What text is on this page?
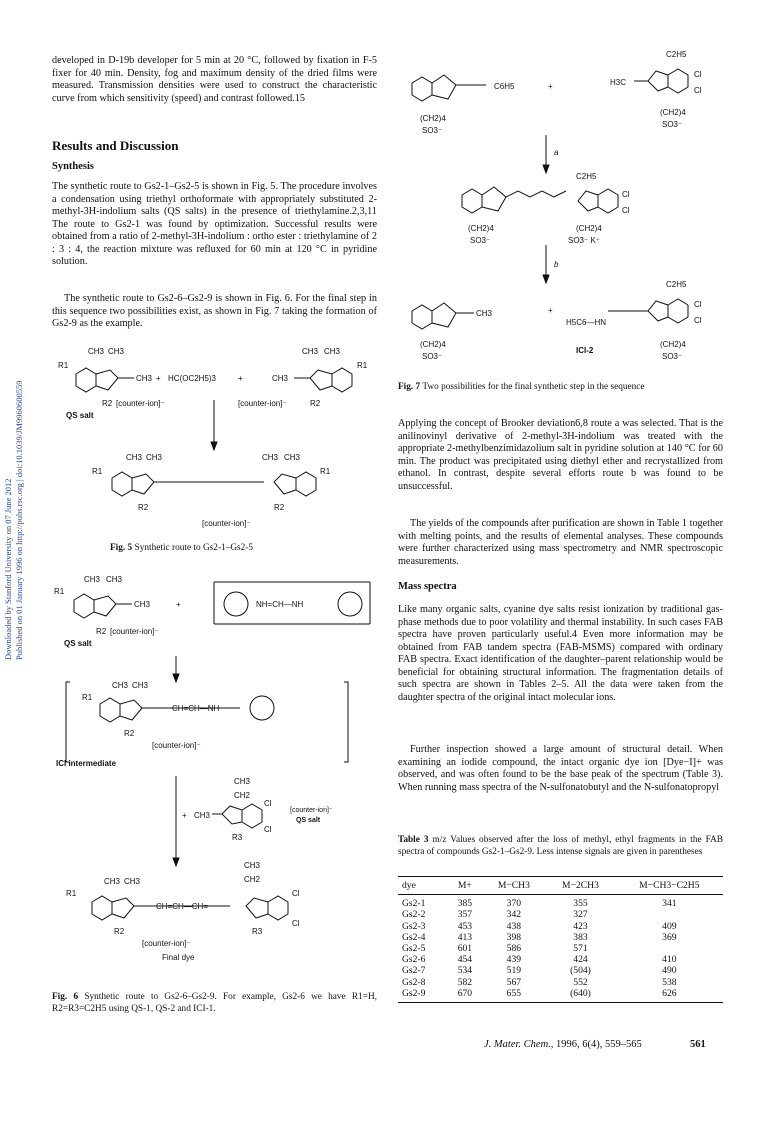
Downloaded by Stanford University on 07 June 2012 Published on 01 January 1996 on http://pubs.rsc.org | doi:10.1039/JM9960600559

developed in D-19b developer for 5 min at 20 °C, followed by fixation in F-5 fixer for 40 min. Density, fog and maximum density of the dried films were measured. Transmission densities were used to construct the characteristic curve from which sensitivity (speed) and contrast followed.15

Results and Discussion
Synthesis

The synthetic route to Gs2-1–Gs2-5 is shown in Fig. 5. The procedure involves a condensation using triethyl orthoformate with appropriately substituted 2-methyl-3H-indolium salts (QS salts) in the presence of triethylamine.2,3,11 The route to Gs2-1 was found by optimization. Successful results were obtained from a ratio of 2-methyl-3H-indolium : ortho ester : triethylamine of 2 : 3 : 4, the reaction mixture was refluxed for 60 min at 120 °C in pyridine solution.

The synthetic route to Gs2-6–Gs2-9 is shown in Fig. 6. For the final step in this sequence two possibilities exist, as shown in Fig. 7 taking the formation of Gs2-9 as the example.

CH3 CH3
R1
CH3 + HC(OC2H5)3	+	CH3
CH3 CH3
R1
R2 [counter-ion]⁻	[counter-ion]⁻	R2
QS salt
CH3 CH3	CH3 CH3
R1	R1
R2	R2
[counter-ion]⁻
Fig. 5 Synthetic route to Gs2-1–Gs2-5
CH3 CH3
R1
CH3	+	NH=CH—NH
R2 [counter-ion]⁻
QS salt
CH3 CH3
R1
CH=CH—NH
R2
[counter-ion]⁻
ICI intermediate
CH3
CH2
+ CH3
Cl
Cl
R3
[counter-ion]⁻
QS salt
CH3
CH2
CH3 CH3
R1
CH=CH—CH=
Cl
Cl
R2	R3
[counter-ion]⁻
Final dye
Fig. 6 Synthetic route to Gs2-6–Gs2-9. For example, Gs2-6 we have R1=H, R2=R3=C2H5 using QS-1, QS-2 and ICI-1.
C6H5	+	H3C
C2H5
Cl
Cl
(CH2)4
SO3⁻
(CH2)4
SO3⁻
a
C2H5
Cl
Cl
(CH2)4
SO3⁻
(CH2)4
SO3⁻ K⁺
b
CH3	+
H5C6—HN
C2H5
Cl
Cl
(CH2)4
SO3⁻
ICI-2
(CH2)4
SO3⁻
Fig. 7 Two possibilities for the final synthetic step in the sequence

Applying the concept of Brooker deviation6,8 route a was selected. That is the anilinovinyl derivative of 2-methyl-3H-indolium was treated with the appropriate 2-methylbenzimidazolium salt in pyridine solution at 140 °C for 60 min. The product was precipitated using diethyl ether and recrystallized from ethanol. In contrast, despite several efforts route b was found to be unsuccessful.

The yields of the compounds after purification are shown in Table 1 together with melting points, and the results of elemental analyses. These compounds were further characterized using mass spectrometry and NMR spectroscopic measurements.

Mass spectra

Like many organic salts, cyanine dye salts resist ionization by traditional gas-phase methods due to poor volatility and thermal instability. In such cases FAB spectra have proven particularly useful.4 Even more information may be obtained from FAB tandem spectra (FAB-MSMS) compared with ordinary FAB spectra. Exact identification of the daughter–parent relationship would be beneficial for obtaining structural information. The fragmentation details of such spectra are shown in Tables 2–5. All the data were taken from the daughter spectra of the original intact molecular ions.

Further inspection showed a large amount of structural detail. When examining an iodide compound, the intact organic dye ion [Dye−I]+ was observed, and was often found to be the base peak of the spectrum (Table 3). When running mass spectra of the N-sulfonatobutyl and the N-sulfonatopropyl

Table 3 m/z Values observed after the loss of methyl, ethyl fragments in the FAB spectra of compounds Gs2-1–Gs2-9. Less intense signals are given in parentheses
dye	M+	M−CH3	M−2CH3	M−CH3−C2H5
Gs2-1	385	370	355	341
Gs2-2	357	342	327	
Gs2-3	453	438	423	409
Gs2-4	413	398	383	369
Gs2-5	601	586	571	
Gs2-6	454	439	424	410
Gs2-7	534	519	(504)	490
Gs2-8	582	567	552	538
Gs2-9	670	655	(640)	626
J. Mater. Chem., 1996, 6(4), 559–565	561
